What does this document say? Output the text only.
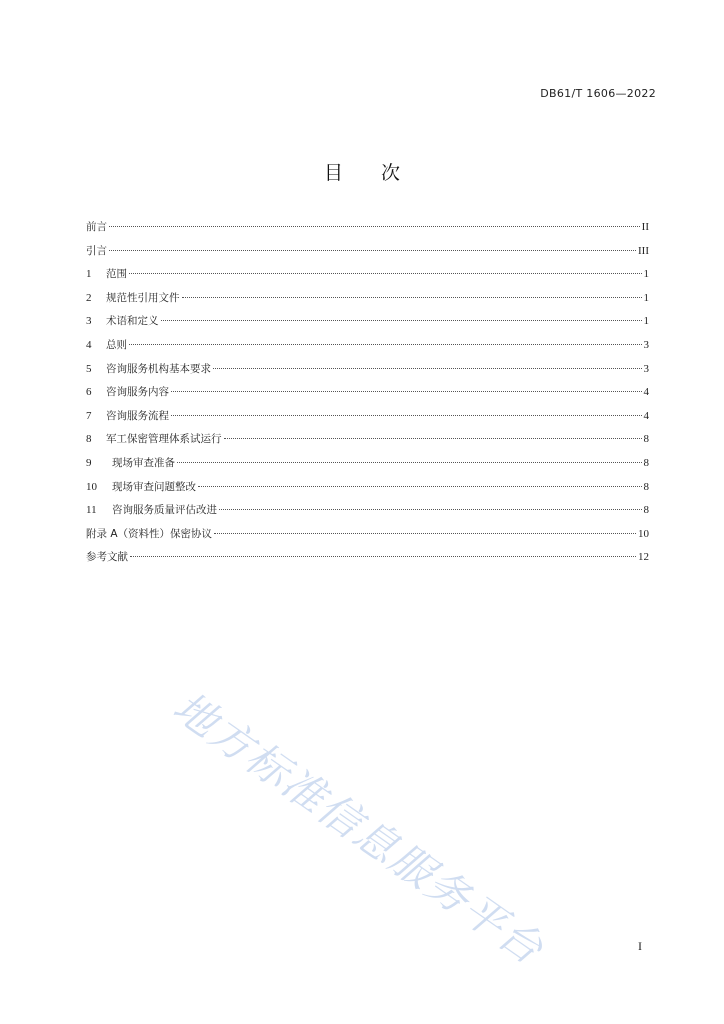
DB61/T 1606—2022
目 次
前言	II
引言	III
1	范围	1
2	规范性引用文件	1
3	术语和定义	1
4	总则	3
5	咨询服务机构基本要求	3
6	咨询服务内容	4
7	咨询服务流程	4
8	军工保密管理体系试运行	8
9	现场审查准备	8
10	现场审查问题整改	8
11	咨询服务质量评估改进	8
附录 A（资料性）保密协议	10
参考文献	12
地方标准信息服务平台	I
